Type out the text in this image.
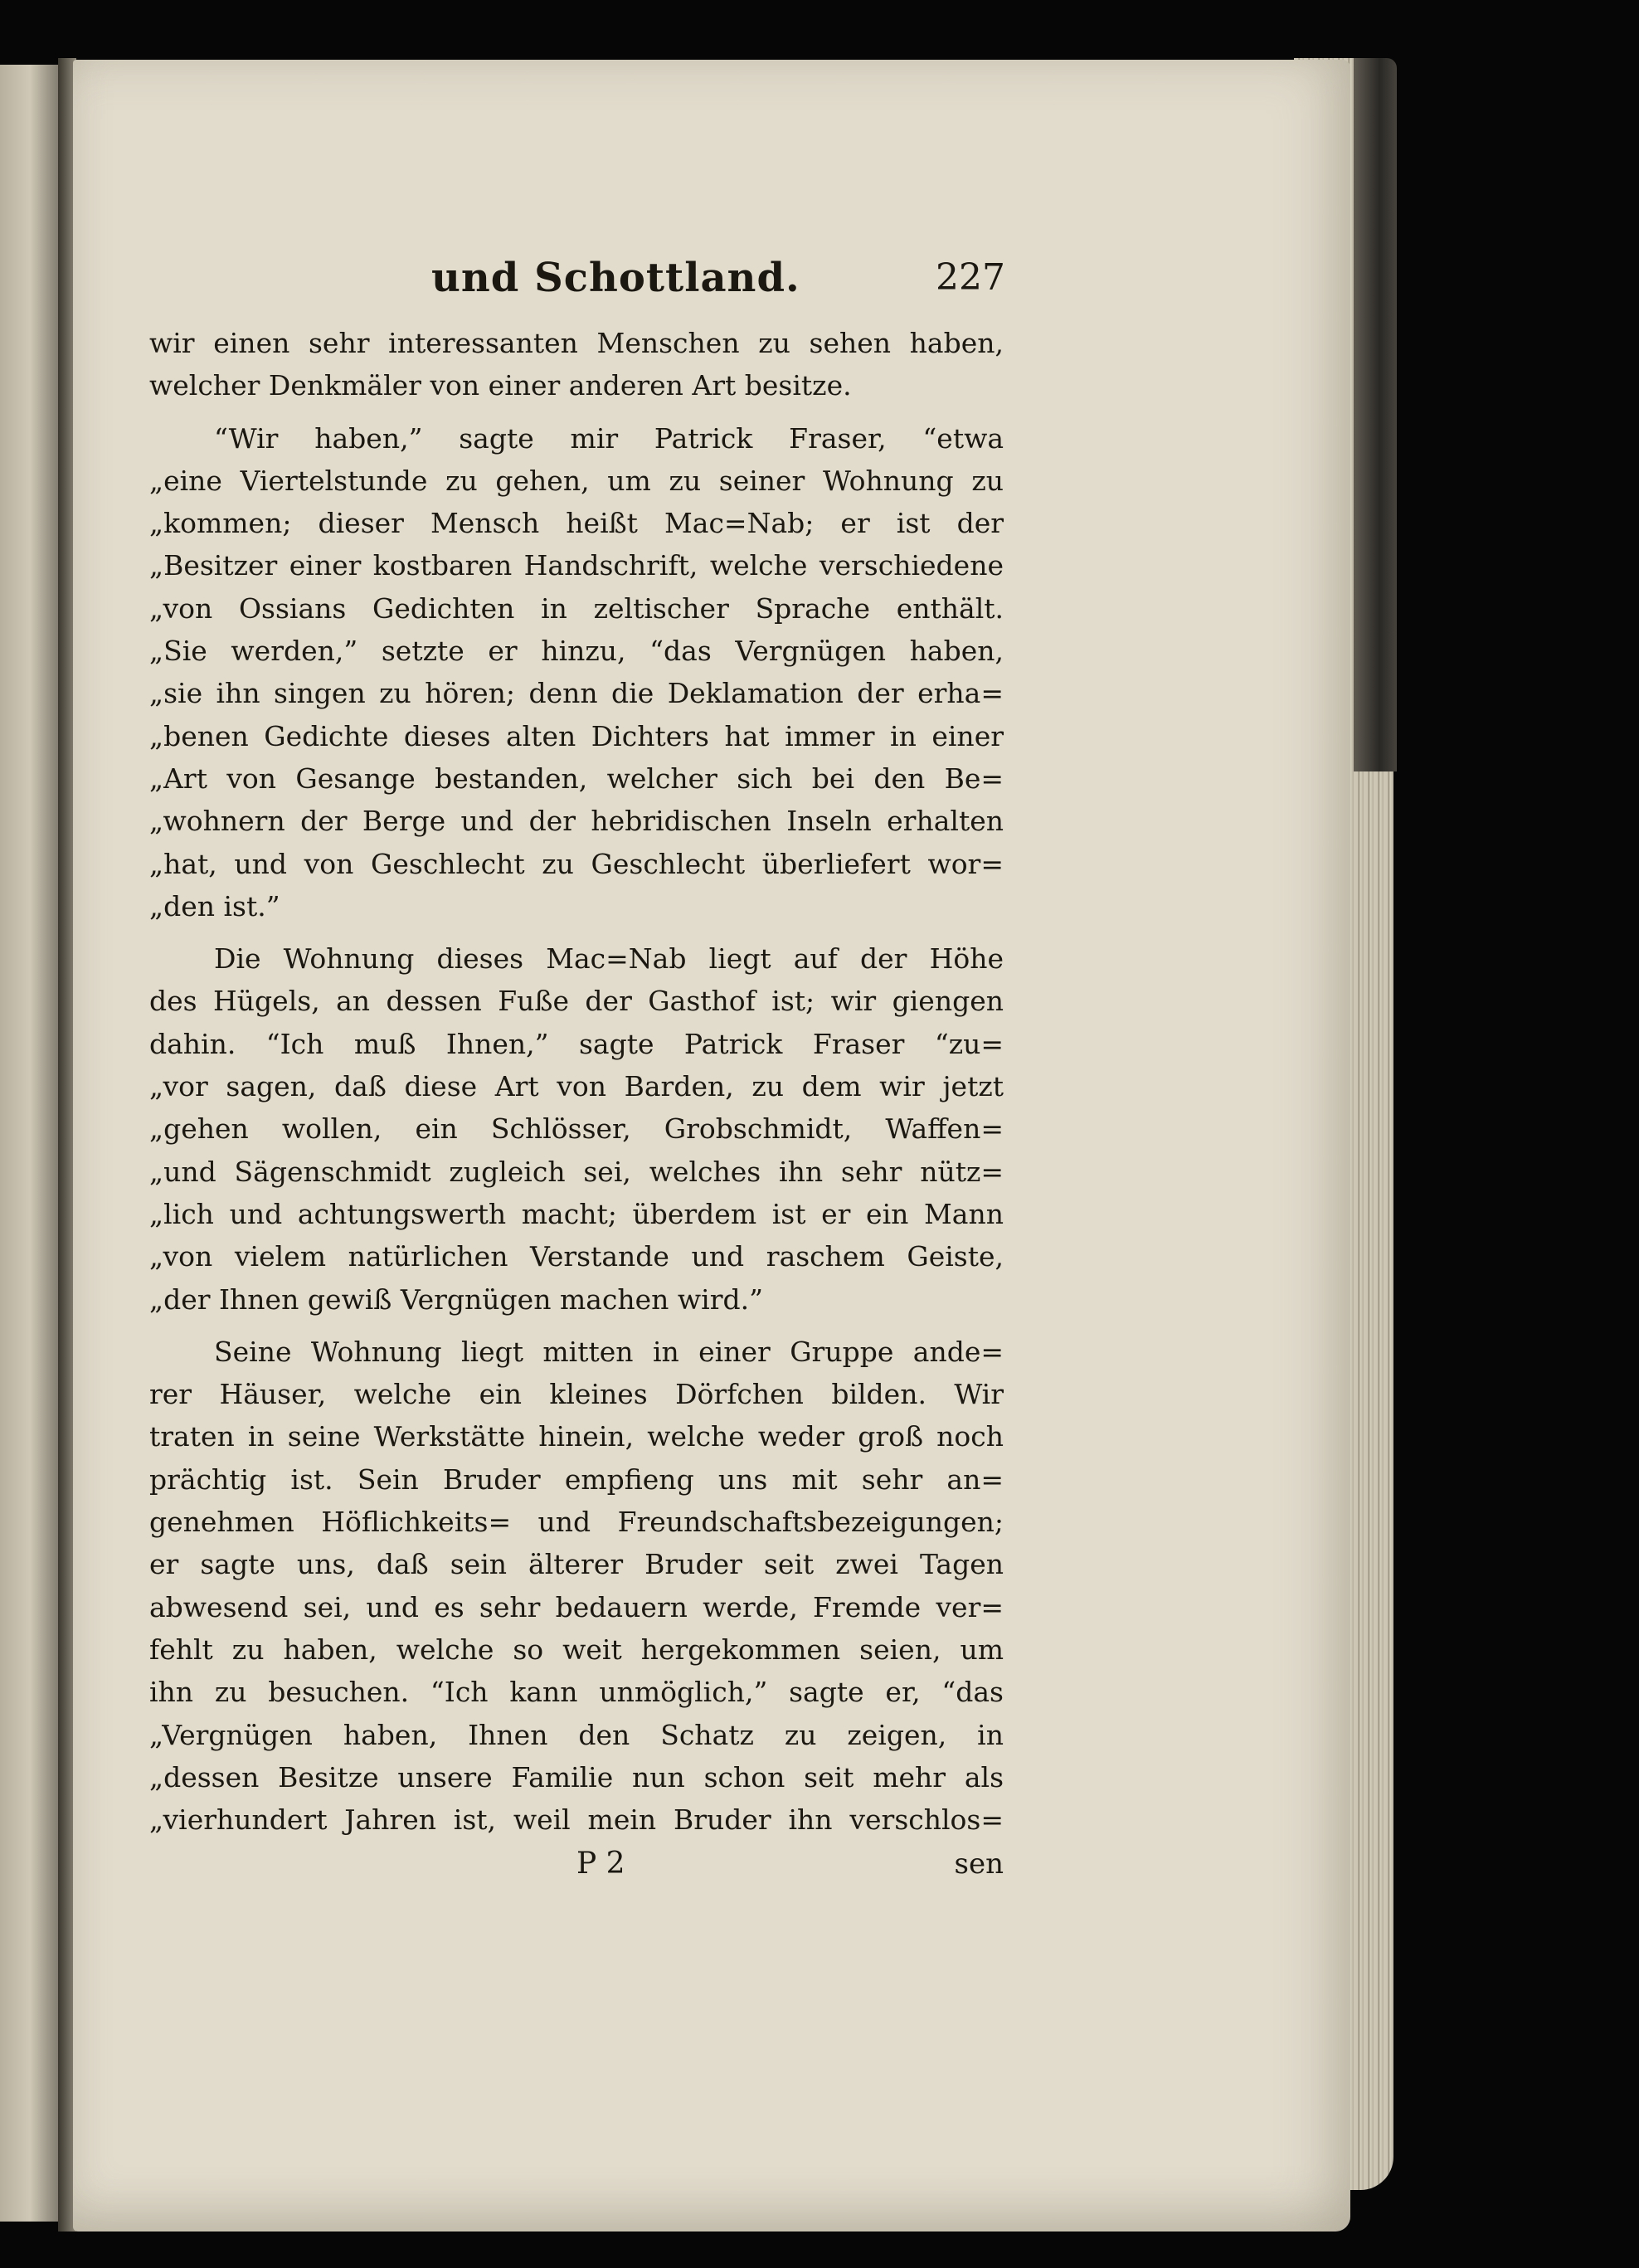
und Schottland.	227
wir einen sehr interessanten Menschen zu sehen haben,
welcher Denkmäler von einer anderen Art besitze.
“Wir haben,” sagte mir Patrick Fraser, “etwa
„eine Viertelstunde zu gehen, um zu seiner Wohnung zu
„kommen; dieser Mensch heißt Mac=Nab; er ist der
„Besitzer einer kostbaren Handschrift, welche verschiedene
„von Ossians Gedichten in zeltischer Sprache enthält.
„Sie werden,” setzte er hinzu, “das Vergnügen haben,
„sie ihn singen zu hören; denn die Deklamation der erha=
„benen Gedichte dieses alten Dichters hat immer in einer
„Art von Gesange bestanden, welcher sich bei den Be=
„wohnern der Berge und der hebridischen Inseln erhalten
„hat, und von Geschlecht zu Geschlecht überliefert wor=
„den ist.”
Die Wohnung dieses Mac=Nab liegt auf der Höhe
des Hügels, an dessen Fuße der Gasthof ist; wir giengen
dahin. “Ich muß Ihnen,” sagte Patrick Fraser “zu=
„vor sagen, daß diese Art von Barden, zu dem wir jetzt
„gehen wollen, ein Schlösser, Grobschmidt, Waffen=
„und Sägenschmidt zugleich sei, welches ihn sehr nütz=
„lich und achtungswerth macht; überdem ist er ein Mann
„von vielem natürlichen Verstande und raschem Geiste,
„der Ihnen gewiß Vergnügen machen wird.”
Seine Wohnung liegt mitten in einer Gruppe ande=
rer Häuser, welche ein kleines Dörfchen bilden. Wir
traten in seine Werkstätte hinein, welche weder groß noch
prächtig ist. Sein Bruder empfieng uns mit sehr an=
genehmen Höflichkeits= und Freundschaftsbezeigungen;
er sagte uns, daß sein älterer Bruder seit zwei Tagen
abwesend sei, und es sehr bedauern werde, Fremde ver=
fehlt zu haben, welche so weit hergekommen seien, um
ihn zu besuchen. “Ich kann unmöglich,” sagte er, “das
„Vergnügen haben, Ihnen den Schatz zu zeigen, in
„dessen Besitze unsere Familie nun schon seit mehr als
„vierhundert Jahren ist, weil mein Bruder ihn verschlos=
P 2	sen
